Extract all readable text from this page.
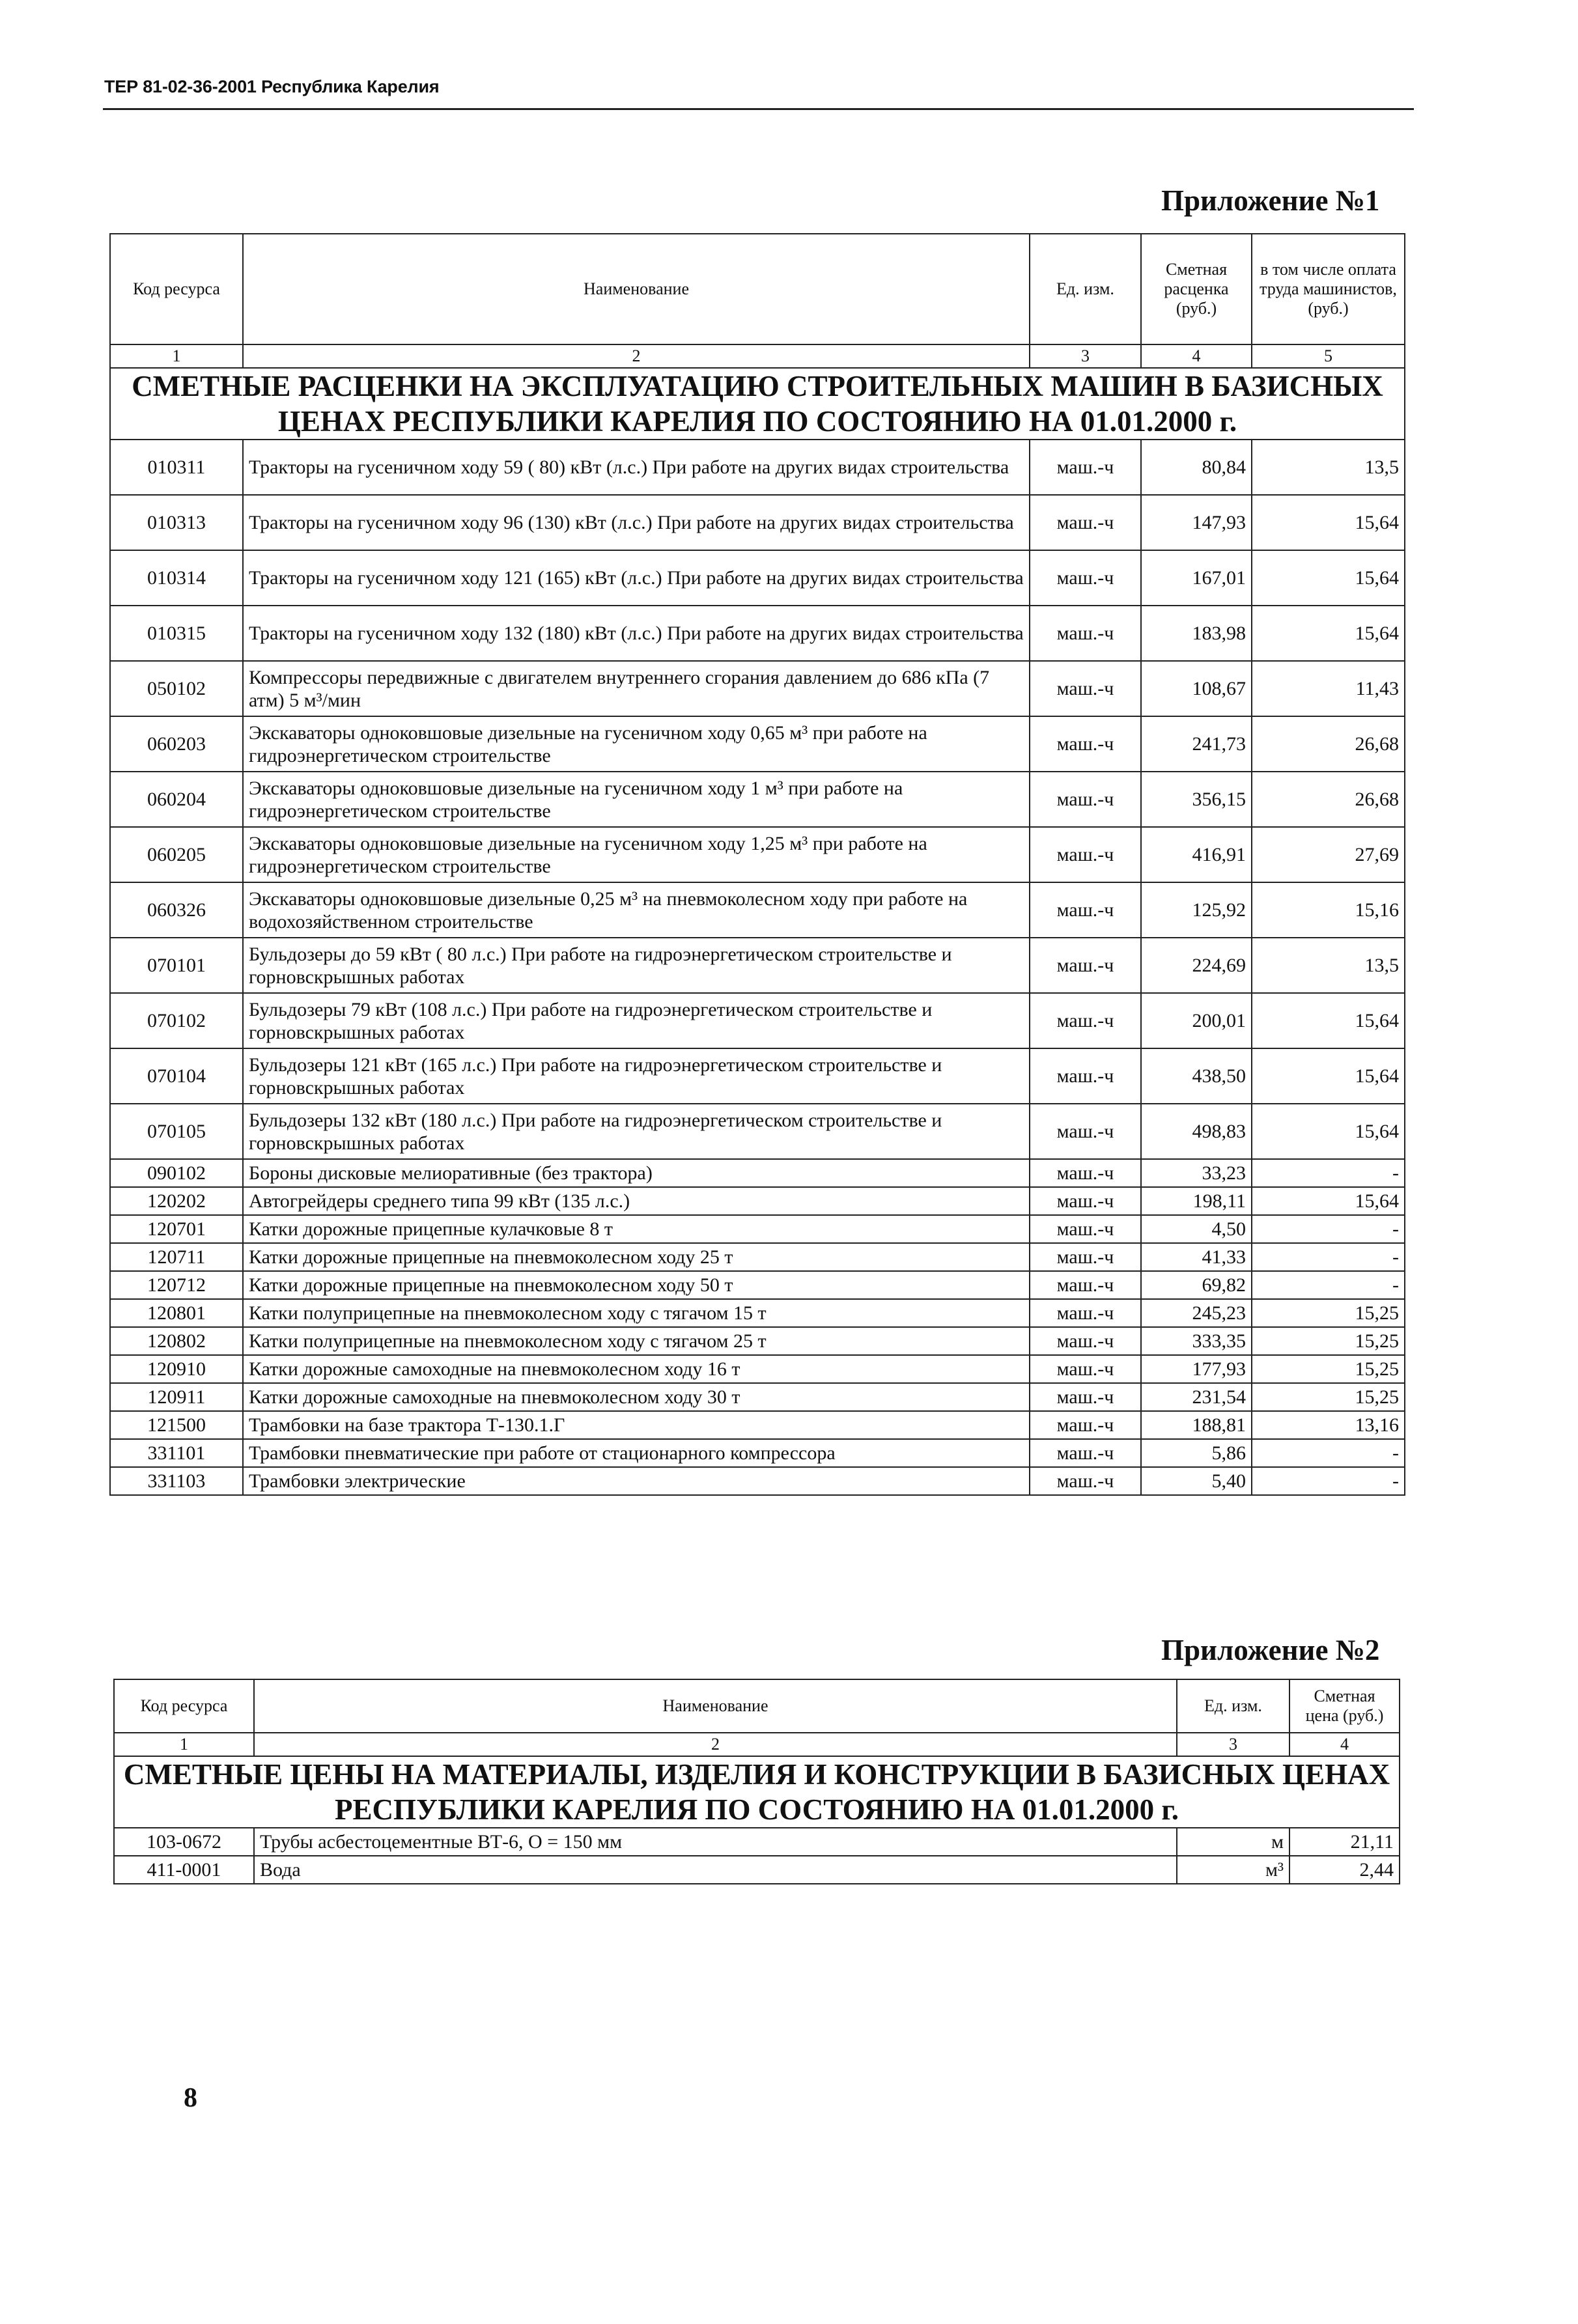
ТЕР 81-02-36-2001 Республика Карелия
Приложение №1
Код ресурса	Наименование	Ед. изм.	Сметная расценка (руб.)	в том числе оплата труда машинистов, (руб.)
1	2	3	4	5
СМЕТНЫЕ РАСЦЕНКИ НА ЭКСПЛУАТАЦИЮ СТРОИТЕЛЬНЫХ МАШИН В БАЗИСНЫХ ЦЕНАХ РЕСПУБЛИКИ КАРЕЛИЯ ПО СОСТОЯНИЮ НА 01.01.2000 г.				
010311	Тракторы на гусеничном ходу 59 ( 80) кВт (л.с.) При работе на других видах строительства	маш.-ч	80,84	13,5
010313	Тракторы на гусеничном ходу 96 (130) кВт (л.с.) При работе на других видах строительства	маш.-ч	147,93	15,64
010314	Тракторы на гусеничном ходу 121 (165) кВт (л.с.) При работе на других видах строительства	маш.-ч	167,01	15,64
010315	Тракторы на гусеничном ходу 132 (180) кВт (л.с.) При работе на других видах строительства	маш.-ч	183,98	15,64
050102	Компрессоры передвижные с двигателем внутреннего сгорания давлением до 686 кПа (7 атм) 5 м³/мин	маш.-ч	108,67	11,43
060203	Экскаваторы одноковшовые дизельные на гусеничном ходу 0,65 м³ при работе на гидроэнергетическом строительстве	маш.-ч	241,73	26,68
060204	Экскаваторы одноковшовые дизельные на гусеничном ходу 1 м³ при работе на гидроэнергетическом строительстве	маш.-ч	356,15	26,68
060205	Экскаваторы одноковшовые дизельные на гусеничном ходу 1,25 м³ при работе на гидроэнергетическом строительстве	маш.-ч	416,91	27,69
060326	Экскаваторы одноковшовые дизельные 0,25 м³ на пневмоколесном ходу при работе на водохозяйственном строительстве	маш.-ч	125,92	15,16
070101	Бульдозеры до 59 кВт ( 80 л.с.) При работе на гидроэнергетическом строительстве и горновскрышных работах	маш.-ч	224,69	13,5
070102	Бульдозеры 79 кВт (108 л.с.) При работе на гидроэнергетическом строительстве и горновскрышных работах	маш.-ч	200,01	15,64
070104	Бульдозеры 121 кВт (165 л.с.) При работе на гидроэнергетическом строительстве и горновскрышных работах	маш.-ч	438,50	15,64
070105	Бульдозеры 132 кВт (180 л.с.) При работе на гидроэнергетическом строительстве и горновскрышных работах	маш.-ч	498,83	15,64
090102	Бороны дисковые мелиоративные (без трактора)	маш.-ч	33,23	-
120202	Автогрейдеры среднего типа 99 кВт (135 л.с.)	маш.-ч	198,11	15,64
120701	Катки дорожные прицепные кулачковые 8 т	маш.-ч	4,50	-
120711	Катки дорожные прицепные на пневмоколесном ходу 25 т	маш.-ч	41,33	-
120712	Катки дорожные прицепные на пневмоколесном ходу 50 т	маш.-ч	69,82	-
120801	Катки полуприцепные на пневмоколесном ходу с тягачом 15 т	маш.-ч	245,23	15,25
120802	Катки полуприцепные на пневмоколесном ходу с тягачом 25 т	маш.-ч	333,35	15,25
120910	Катки дорожные самоходные на пневмоколесном ходу 16 т	маш.-ч	177,93	15,25
120911	Катки дорожные самоходные на пневмоколесном ходу 30 т	маш.-ч	231,54	15,25
121500	Трамбовки на базе трактора Т-130.1.Г	маш.-ч	188,81	13,16
331101	Трамбовки пневматические при работе от стационарного компрессора	маш.-ч	5,86	-
331103	Трамбовки электрические	маш.-ч	5,40	-
Приложение №2
Код ресурса	Наименование	Ед. изм.	Сметная цена (руб.)
1	2	3	4
СМЕТНЫЕ ЦЕНЫ НА МАТЕРИАЛЫ, ИЗДЕЛИЯ И КОНСТРУКЦИИ В БАЗИСНЫХ ЦЕНАХ РЕСПУБЛИКИ КАРЕЛИЯ ПО СОСТОЯНИЮ НА 01.01.2000 г.			
103-0672	Трубы асбестоцементные ВТ-6, О = 150 мм	м	21,11
411-0001	Вода	м³	2,44
8
